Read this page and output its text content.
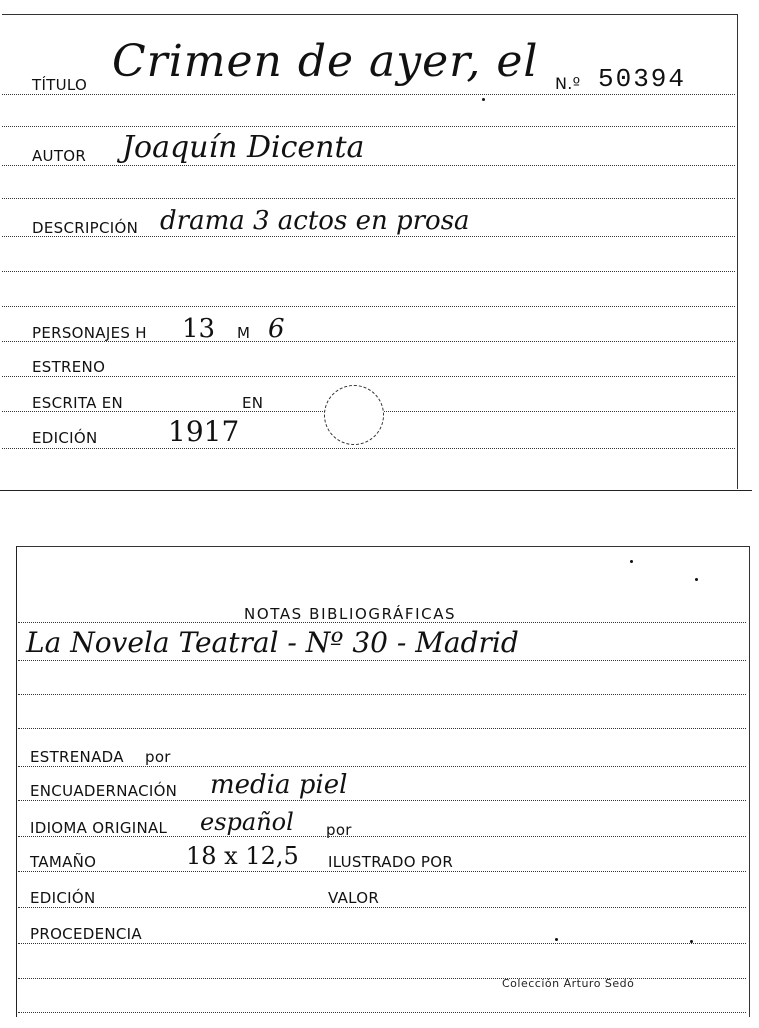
TÍTULO Crimen de ayer, el N.º 50394
AUTOR Joaquín Dicenta
DESCRIPCIÓN drama 3 actos en prosa
PERSONAJES H 13 M 6
ESTRENO
ESCRITA EN	EN
EDICIÓN	1917
NOTAS BIBLIOGRÁFICAS
La Novela Teatral - Nº 30 - Madrid
ESTRENADA por
ENCUADERNACIÓN media piel
IDIOMA ORIGINAL español por
TAMAÑO	18 x 12,5 ILUSTRADO POR
EDICIÓN	VALOR
PROCEDENCIA
Colección Arturo Sedó
